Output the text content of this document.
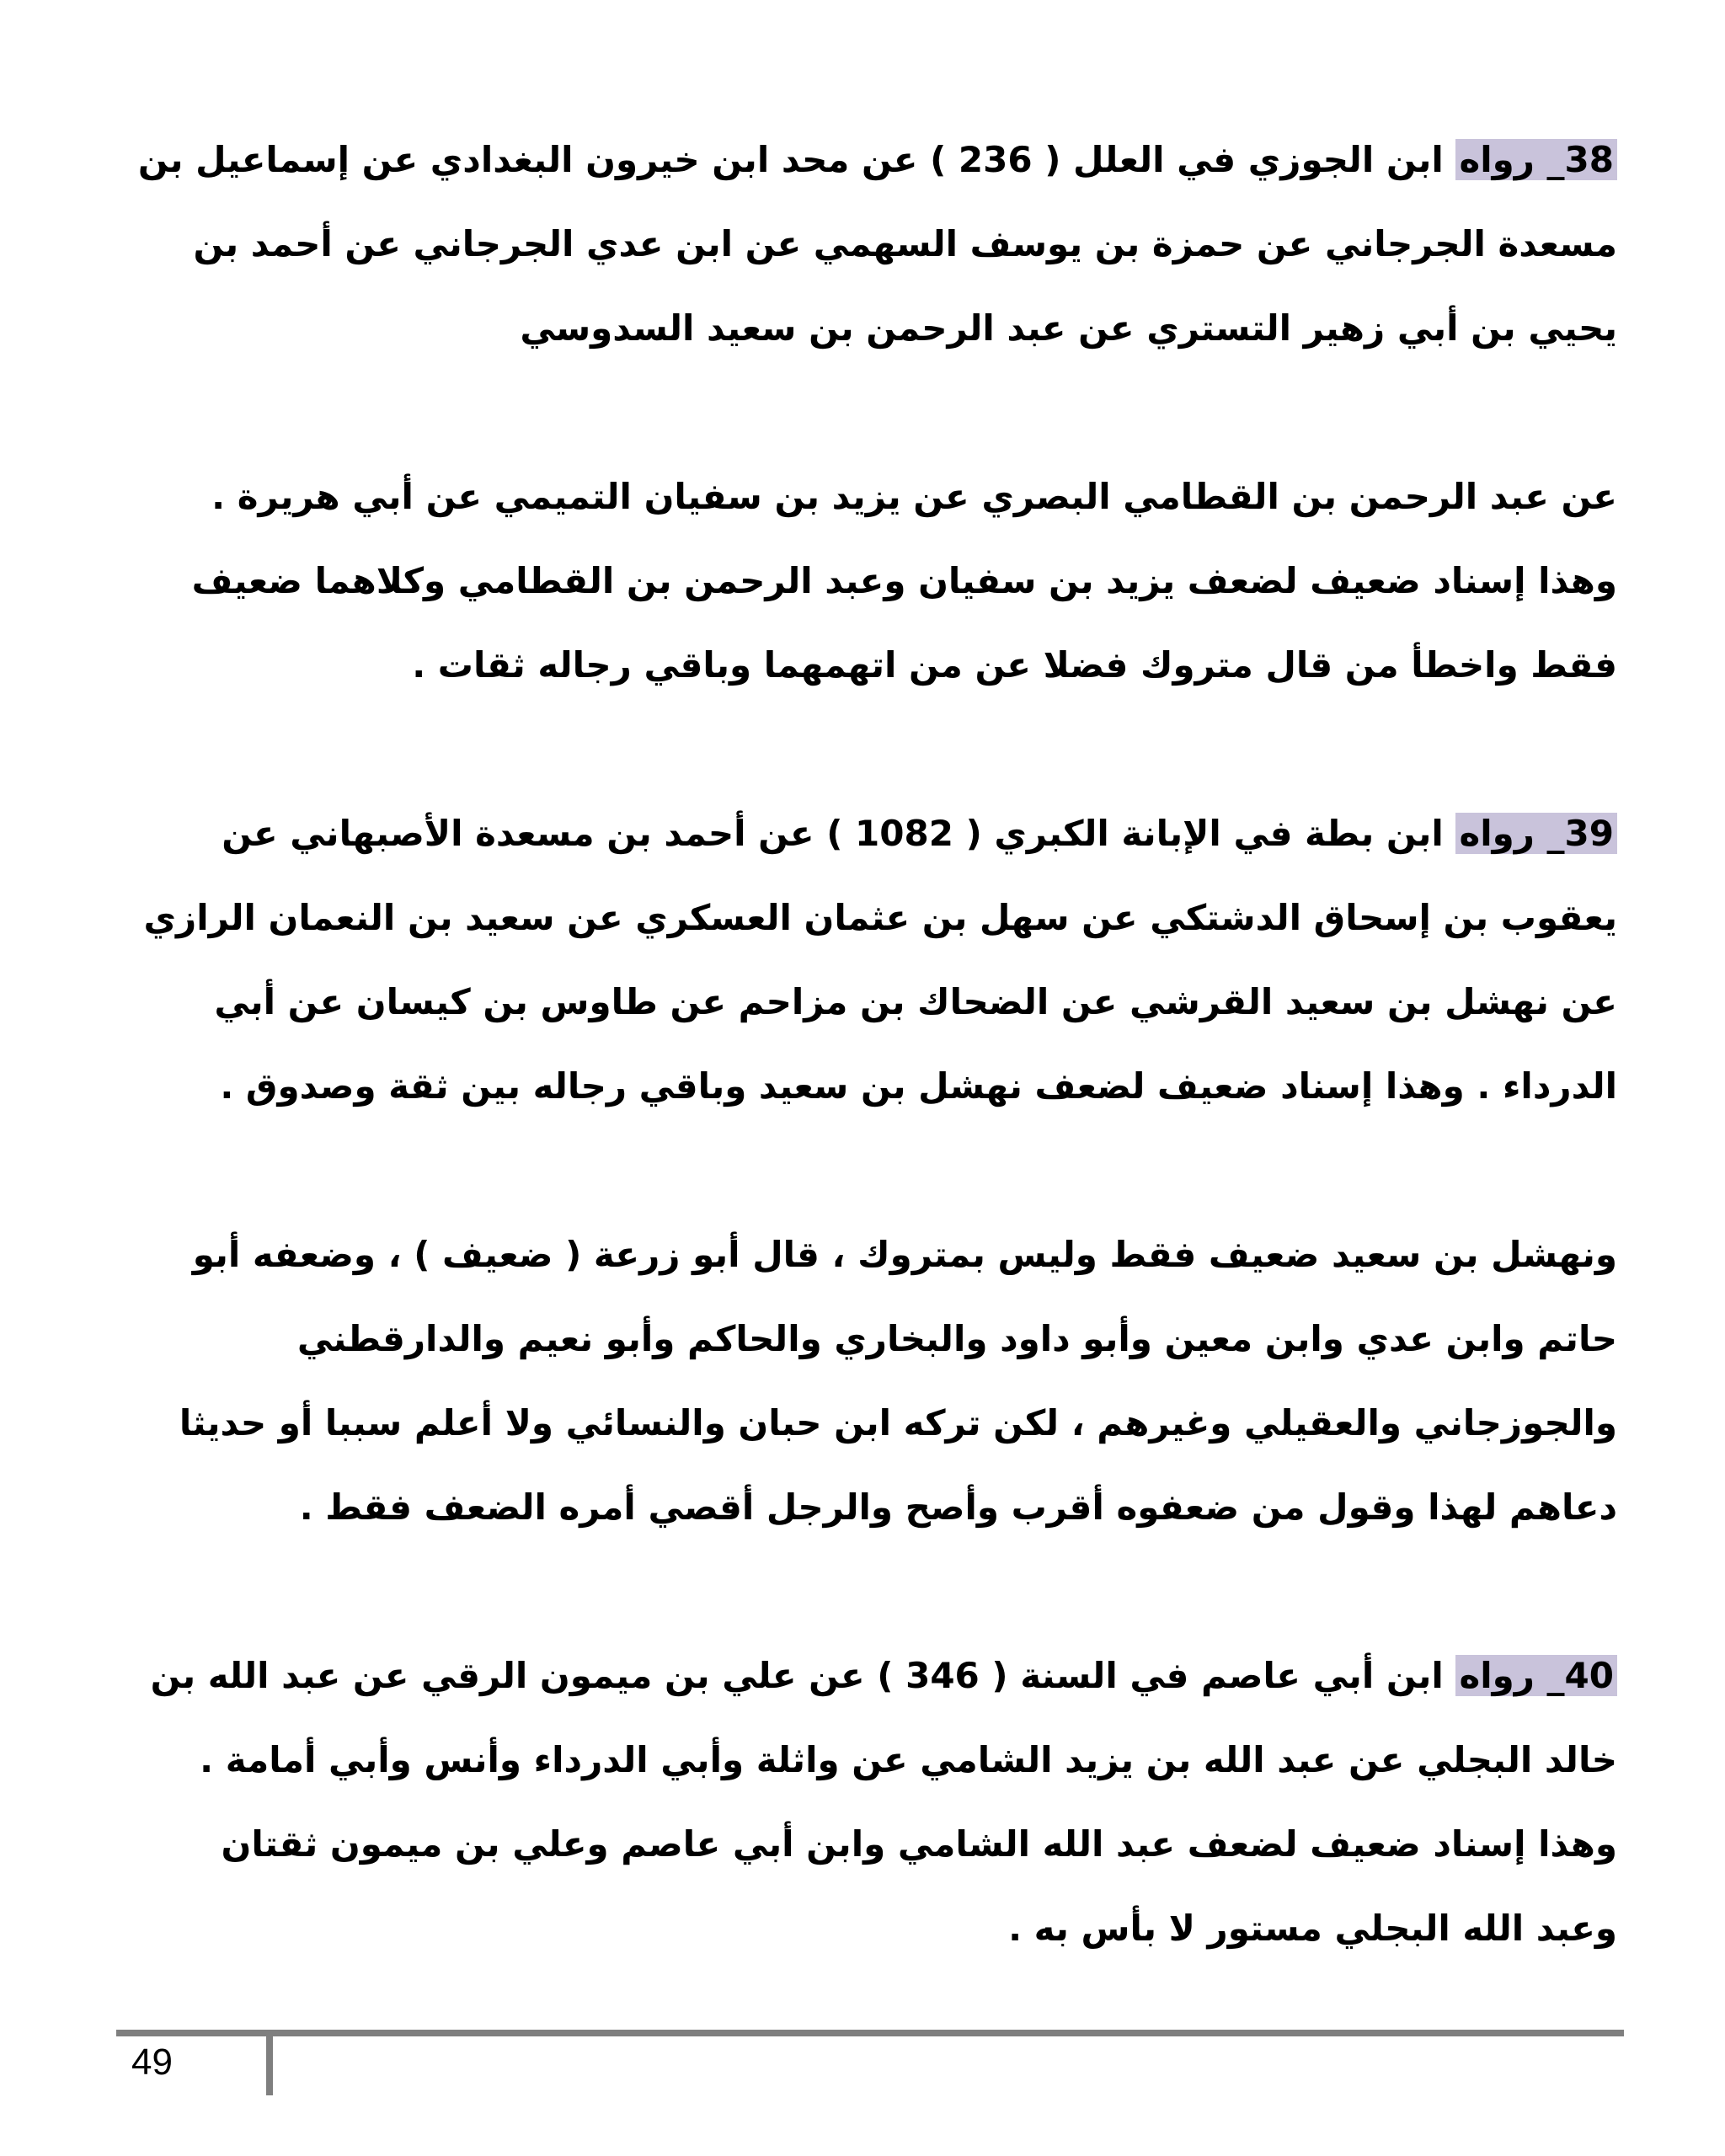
38_ رواه ابن الجوزي في العلل ( 236 ) عن محد ابن خيرون البغدادي عن إسماعيل بن مسعدة الجرجاني عن حمزة بن يوسف السهمي عن ابن عدي الجرجاني عن أحمد بن يحيي بن أبي زهير التستري عن عبد الرحمن بن سعيد السدوسي

عن عبد الرحمن بن القطامي البصري عن يزيد بن سفيان التميمي عن أبي هريرة . وهذا إسناد ضعيف لضعف يزيد بن سفيان وعبد الرحمن بن القطامي وكلاهما ضعيف فقط واخطأ من قال متروك فضلا عن من اتهمهما وباقي رجاله ثقات .

39_ رواه ابن بطة في الإبانة الكبري ( 1082 ) عن أحمد بن مسعدة الأصبهاني عن يعقوب بن إسحاق الدشتكي عن سهل بن عثمان العسكري عن سعيد بن النعمان الرازي عن نهشل بن سعيد القرشي عن الضحاك بن مزاحم عن طاوس بن كيسان عن أبي الدرداء . وهذا إسناد ضعيف لضعف نهشل بن سعيد وباقي رجاله بين ثقة وصدوق .

ونهشل بن سعيد ضعيف فقط وليس بمتروك ، قال أبو زرعة ( ضعيف ) ، وضعفه أبو حاتم وابن عدي وابن معين وأبو داود والبخاري والحاكم وأبو نعيم والدارقطني والجوزجاني والعقيلي وغيرهم ، لكن تركه ابن حبان والنسائي ولا أعلم سببا أو حديثا دعاهم لهذا وقول من ضعفوه أقرب وأصح والرجل أقصي أمره الضعف فقط .

40_ رواه ابن أبي عاصم في السنة ( 346 ) عن علي بن ميمون الرقي عن عبد الله بن خالد البجلي عن عبد الله بن يزيد الشامي عن واثلة وأبي الدرداء وأنس وأبي أمامة . وهذا إسناد ضعيف لضعف عبد الله الشامي وابن أبي عاصم وعلي بن ميمون ثقتان وعبد الله البجلي مستور لا بأس به .

49
